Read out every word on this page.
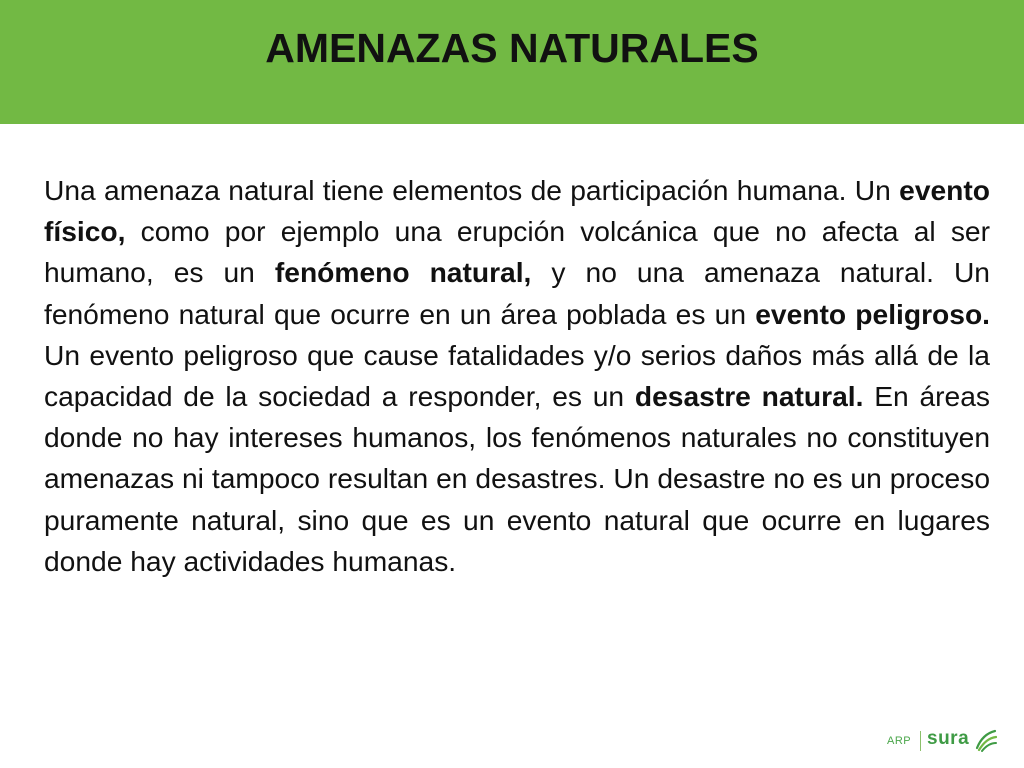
AMENAZAS NATURALES

Una amenaza natural tiene elementos de participación humana. Un evento físico, como por ejemplo una erupción volcánica que no afecta al ser humano, es un fenómeno natural, y no una amenaza natural. Un fenómeno natural que ocurre en un área poblada es un evento peligroso. Un evento peligroso que cause fatalidades y/o serios daños más allá de la capacidad de la sociedad a responder, es un desastre natural. En áreas donde no hay intereses humanos, los fenómenos naturales no constituyen amenazas ni tampoco resultan en desastres. Un desastre no es un proceso puramente natural, sino que es un evento natural que ocurre en lugares donde hay actividades humanas.

ARP sura
